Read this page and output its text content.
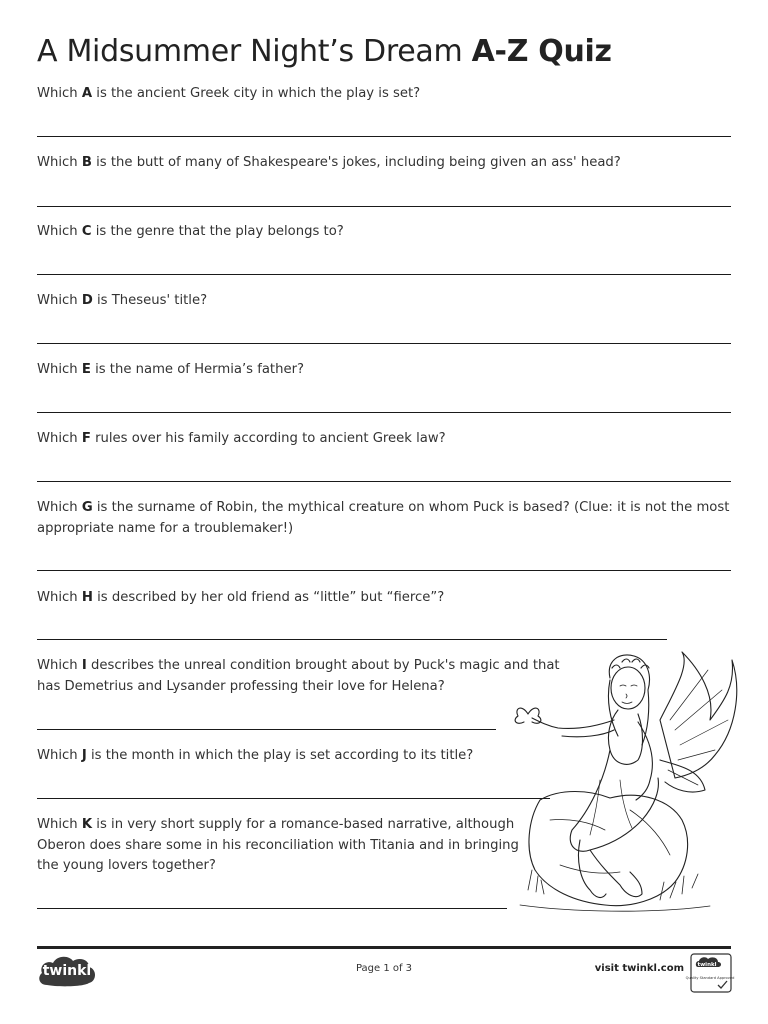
A Midsummer Night’s Dream A-Z Quiz

Which A is the ancient Greek city in which the play is set?

Which B is the butt of many of Shakespeare's jokes, including being given an ass' head?

Which C is the genre that the play belongs to?

Which D is Theseus' title?

Which E is the name of Hermia’s father?

Which F rules over his family according to ancient Greek law?

Which G is the surname of Robin, the mythical creature on whom Puck is based? (Clue: it is not the most appropriate name for a troublemaker!)

Which H is described by her old friend as “little” but “fierce”?

Which I describes the unreal condition brought about by Puck's magic and that has Demetrius and Lysander professing their love for Helena?

Which J is the month in which the play is set according to its title?

Which K is in very short supply for a romance-based narrative, although Oberon does share some in his reconciliation with Titania and in bringing the young lovers together?

twinkl	Page 1 of 3	visit twinkl.com twinkl
Quality Standard Approved
